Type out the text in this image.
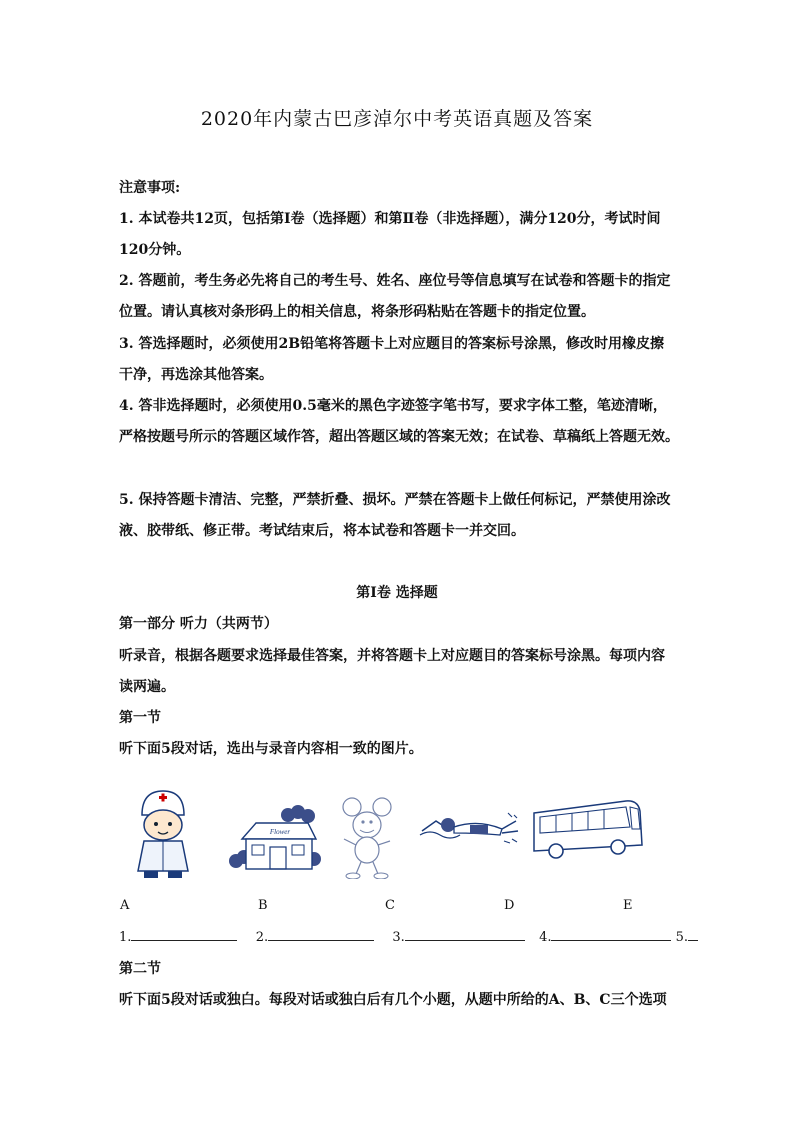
2020年内蒙古巴彦淖尔中考英语真题及答案
注意事项:
1. 本试卷共12页，包括第Ⅰ卷（选择题）和第Ⅱ卷（非选择题），满分120分，考试时间
120分钟。
2. 答题前，考生务必先将自己的考生号、姓名、座位号等信息填写在试卷和答题卡的指定
位置。请认真核对条形码上的相关信息，将条形码粘贴在答题卡的指定位置。
3. 答选择题时，必须使用2B铅笔将答题卡上对应题目的答案标号涂黑，修改时用橡皮擦
干净，再选涂其他答案。
4. 答非选择题时，必须使用0.5毫米的黑色字迹签字笔书写，要求字体工整，笔迹清晰，
严格按题号所示的答题区域作答，超出答题区域的答案无效；在试卷、草稿纸上答题无效。
5. 保持答题卡清洁、完整，严禁折叠、损坏。严禁在答题卡上做任何标记，严禁使用涂改
液、胶带纸、修正带。考试结束后，将本试卷和答题卡一并交回。
第Ⅰ卷 选择题
第一部分 听力（共两节）
听录音，根据各题要求选择最佳答案，并将答题卡上对应题目的答案标号涂黑。每项内容
读两遍。
第一节
听下面5段对话，选出与录音内容相一致的图片。
Flower
A	B	C	D	E
1.	2.	3.	4.	5.
第二节
听下面5段对话或独白。每段对话或独白后有几个小题，从题中所给的A、B、C三个选项
